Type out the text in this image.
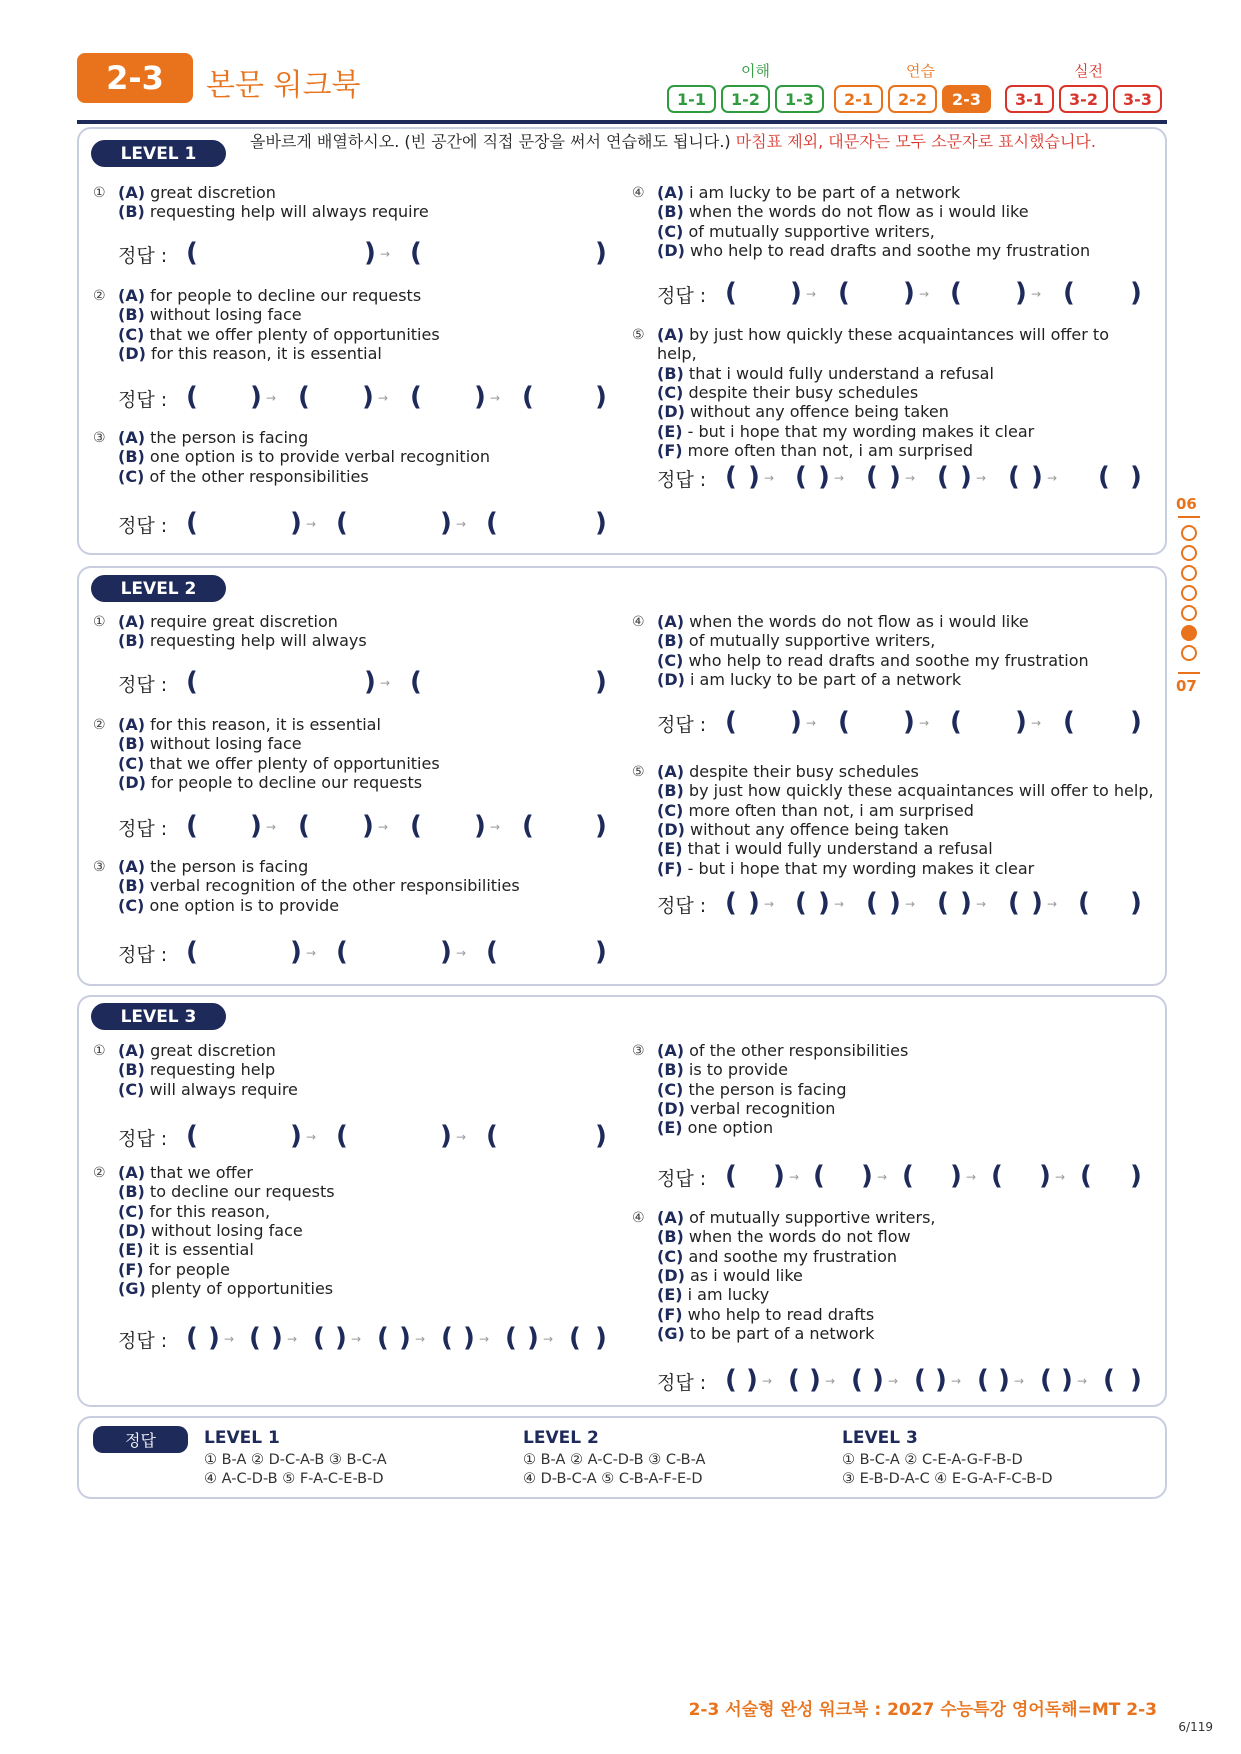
2-3	본문 워크북	이해	연습	실전
1-1	1-2	1-3	2-1	2-2	2-3	3-1	3-2	3-3
LEVEL 1
LEVEL 2
LEVEL 3
올바르게 배열하시오. (빈 공간에 직접 문장을 써서 연습해도 됩니다.) 마침표 제외, 대문자는 모두 소문자로 표시했습니다.
① (A) great discretion
(B) requesting help will always require
정답 : (	) → (	)
② (A) for people to decline our requests
(B) without losing face
(C) that we offer plenty of opportunities
(D) for this reason, it is essential
정답 : ( ) → ( ) → ( ) → ( )
③ (A) the person is facing
(B) one option is to provide verbal recognition
(C) of the other responsibilities
정답 : (	) → (	) → (	)
④ (A) i am lucky to be part of a network
(B) when the words do not flow as i would like
(C) of mutually supportive writers,
(D) who help to read drafts and soothe my frustration
정답 : ( ) → ( ) → ( ) → ( )
⑤ (A) by just how quickly these acquaintances will offer to help,
(B) that i would fully understand a refusal
(C) despite their busy schedules
(D) without any offence being taken
(E) - but i hope that my wording makes it clear
(F) more often than not, i am surprised
정답 : ( ) → ( ) → ( ) → ( ) → ( ) → ( )
① (A) require great discretion
(B) requesting help will always
정답 : (	) → (	)
② (A) for this reason, it is essential
(B) without losing face
(C) that we offer plenty of opportunities
(D) for people to decline our requests
정답 : ( ) → ( ) → ( ) → ( )
③ (A) the person is facing
(B) verbal recognition of the other responsibilities
(C) one option is to provide
정답 : (	) → (	) → (	)
④ (A) when the words do not flow as i would like
(B) of mutually supportive writers,
(C) who help to read drafts and soothe my frustration
(D) i am lucky to be part of a network
정답 : ( ) → ( ) → ( ) → ( )
⑤ (A) despite their busy schedules
(B) by just how quickly these acquaintances will offer to help,
(C) more often than not, i am surprised
(D) without any offence being taken
(E) that i would fully understand a refusal
(F) - but i hope that my wording makes it clear
정답 : ( ) → ( ) → ( ) → ( ) → ( ) → ( )
① (A) great discretion
(B) requesting help
(C) will always require
정답 : (	) → (	) → (	)
② (A) that we offer
(B) to decline our requests
(C) for this reason,
(D) without losing face
(E) it is essential
(F) for people
(G) plenty of opportunities
정답 : ( ) → ( ) → ( ) → ( ) → ( ) → ( ) → ( )
③ (A) of the other responsibilities
(B) is to provide
(C) the person is facing
(D) verbal recognition
(E) one option
정답 : ( ) → ( ) → ( ) → ( ) → ( )
④ (A) of mutually supportive writers,
(B) when the words do not flow
(C) and soothe my frustration
(D) as i would like
(E) i am lucky
(F) who help to read drafts
(G) to be part of a network
정답 : ( ) → ( ) → ( ) → ( ) → ( ) → ( ) → ( )
정답	LEVEL 1
① B-A ② D-C-A-B ③ B-C-A
④ A-C-D-B ⑤ F-A-C-E-B-D
LEVEL 2
① B-A ② A-C-D-B ③ C-B-A
④ D-B-C-A ⑤ C-B-A-F-E-D
LEVEL 3
① B-C-A ② C-E-A-G-F-B-D
③ E-B-D-A-C ④ E-G-A-F-C-B-D
06
07
2-3 서술형 완성 워크북 : 2027 수능특강 영어독해=MT 2-3
6/119
